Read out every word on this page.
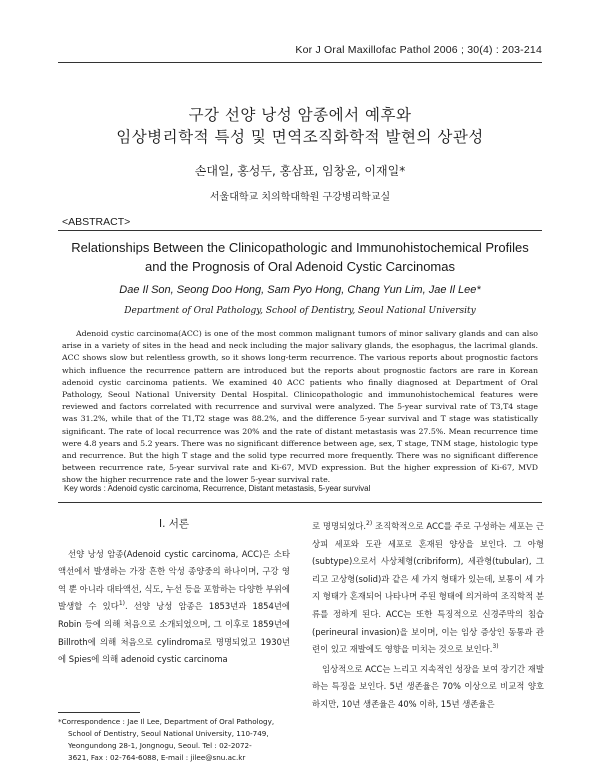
Kor J Oral Maxillofac Pathol 2006 ; 30(4) : 203-214
구강 선양 낭성 암종에서 예후와
임상병리학적 특성 및 면역조직화학적 발현의 상관성
손대일, 홍성두, 홍삼표, 임창윤, 이재일*
서울대학교 치의학대학원 구강병리학교실
<ABSTRACT>
Relationships Between the Clinicopathologic and Immunohistochemical Profiles
and the Prognosis of Oral Adenoid Cystic Carcinomas
Dae Il Son, Seong Doo Hong, Sam Pyo Hong, Chang Yun Lim, Jae Il Lee*
Department of Oral Pathology, School of Dentistry, Seoul National University
Adenoid cystic carcinoma(ACC) is one of the most common malignant tumors of minor salivary glands and can also arise in a variety of sites in the head and neck including the major salivary glands, the esophagus, the lacrimal glands. ACC shows slow but relentless growth, so it shows long-term recurrence. The various reports about prognostic factors which influence the recurrence pattern are introduced but the reports about prognostic factors are rare in Korean adenoid cystic carcinoma patients. We examined 40 ACC patients who finally diagnosed at Department of Oral Pathology, Seoul National University Dental Hospital. Clinicopathologic and immunohistochemical features were reviewed and factors correlated with recurrence and survival were analyzed. The 5-year survival rate of T3,T4 stage was 31.2%, while that of the T1,T2 stage was 88.2%, and the difference 5-year survival and T stage was statistically significant. The rate of local recurrence was 20% and the rate of distant metastasis was 27.5%. Mean recurrence time were 4.8 years and 5.2 years. There was no significant difference between age, sex, T stage, TNM stage, histologic type and recurrence. But the high T stage and the solid type recurred more frequently. There was no significant difference between recurrence rate, 5-year survival rate and Ki-67, MVD expression. But the higher expression of Ki-67, MVD show the higher recurrence rate and the lower 5-year survival rate.
Key words : Adenoid cystic carcinoma, Recurrence, Distant metastasis, 5-year survival
I. 서론

선양 낭성 암종(Adenoid cystic carcinoma, ACC)은 소타액선에서 발생하는 가장 흔한 악성 종양중의 하나이며, 구강 영역 뿐 아니라 대타액선, 식도, 누선 등을 포함하는 다양한 부위에 발생할 수 있다$^{1)}$. 선양 낭성 암종은 1853년과 1854년에 Robin 등에 의해 처음으로 소개되었으며, 그 이후로 1859년에 Billroth에 의해 처음으로 cylindroma로 명명되었고 1930년에 Spies에 의해 adenoid cystic carcinoma

로 명명되었다.$^{2)}$ 조직학적으로 ACC를 주로 구성하는 세포는 근상피 세포와 도관 세포로 혼재된 양상을 보인다. 그 아형(subtype)으로서 사상체형(cribriform), 세관형(tubular), 그리고 고상형(solid)과 같은 세 가지 형태가 있는데, 보통이 세 가지 형태가 혼재되어 나타나며 주된 형태에 의거하여 조직학적 분류를 정하게 된다. ACC는 또한 특징적으로 신경주막의 침습(perineural invasion)을 보이며, 이는 임상 증상인 동통과 관련이 있고 재발에도 영향을 미치는 것으로 보인다.$^{3)}$

임상적으로 ACC는 느리고 지속적인 성장을 보여 장기간 재발하는 특징을 보인다. 5년 생존율은 70% 이상으로 비교적 양호하지만, 10년 생존율은 40% 이하, 15년 생존율은

*Correspondence : Jae Il Lee, Department of Oral Pathology,
School of Dentistry, Seoul National University, 110-749,
Yeongundong 28-1, Jongnogu, Seoul. Tel : 02-2072-
3621, Fax : 02-764-6088, E-mail : jilee@snu.ac.kr
